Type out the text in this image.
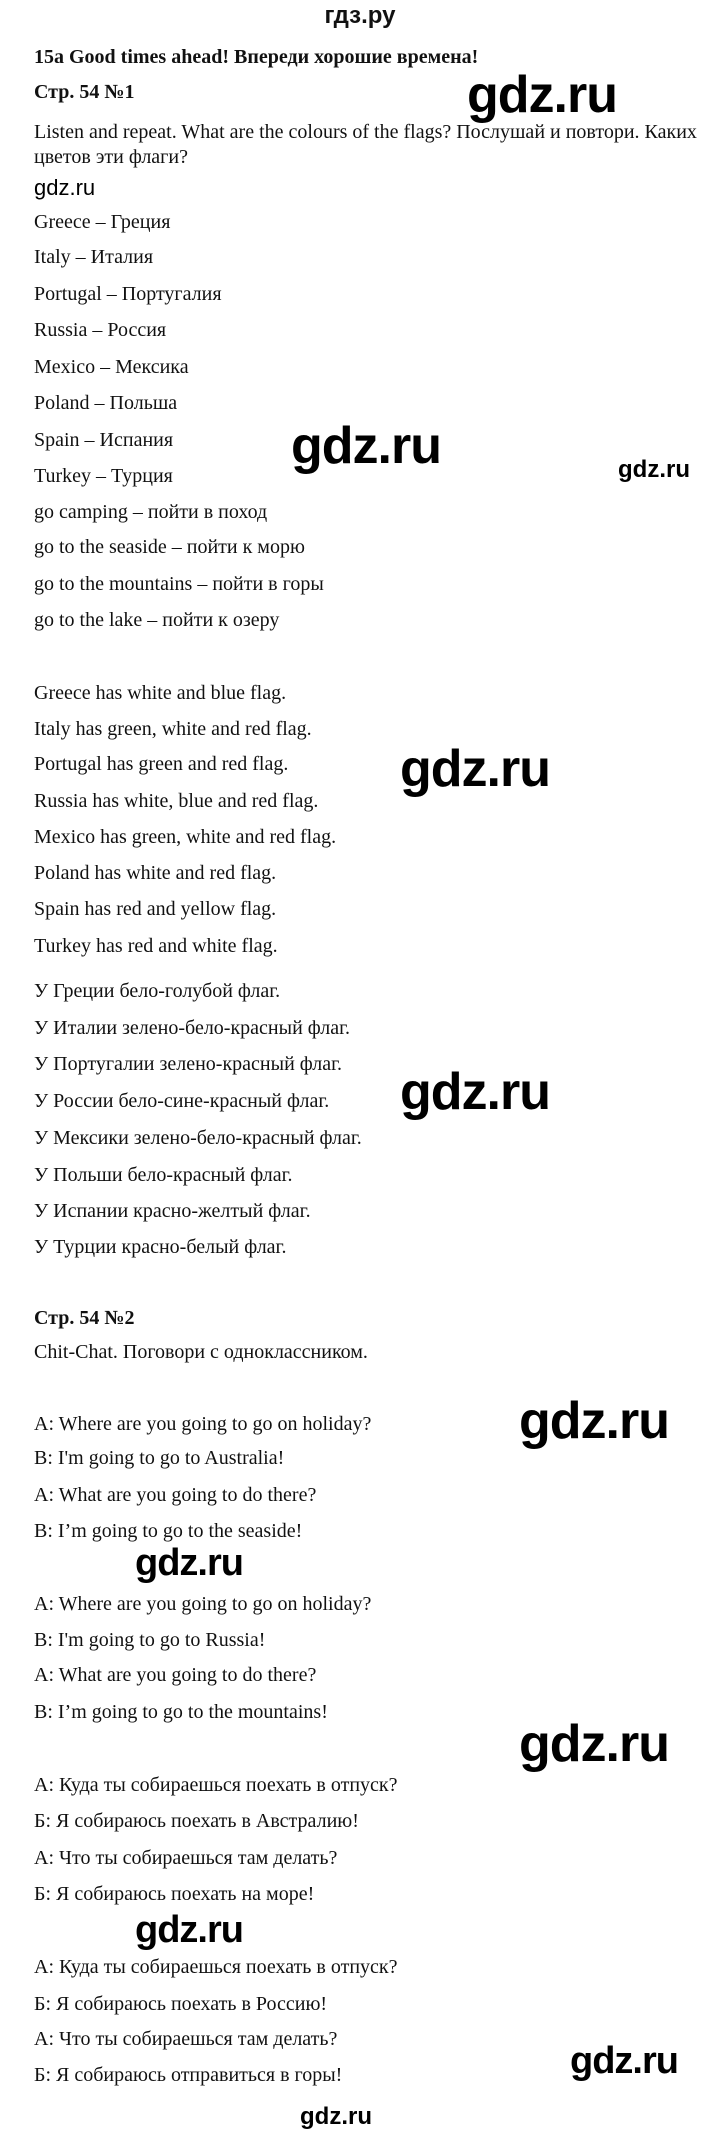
гдз.ру
15a Good times ahead! Впереди хорошие времена!
Стр. 54 №1
Listen and repeat. What are the colours of the flags? Послушай и повтори. Каких
цветов эти флаги?
Greece – Греция
Italy – Италия
Portugal – Португалия
Russia – Россия
Mexico – Мексика
Poland – Польша
Spain – Испания
Turkey – Турция
go camping – пойти в поход
go to the seaside – пойти к морю
go to the mountains – пойти в горы
go to the lake – пойти к озеру
Greece has white and blue flag.
Italy has green, white and red flag.
Portugal has green and red flag.
Russia has white, blue and red flag.
Mexico has green, white and red flag.
Poland has white and red flag.
Spain has red and yellow flag.
Turkey has red and white flag.
У Греции бело-голубой флаг.
У Италии зелено-бело-красный флаг.
У Португалии зелено-красный флаг.
У России бело-сине-красный флаг.
У Мексики зелено-бело-красный флаг.
У Польши бело-красный флаг.
У Испании красно-желтый флаг.
У Турции красно-белый флаг.
Стр. 54 №2
Chit-Chat. Поговори с одноклассником.
A: Where are you going to go on holiday?
B: I'm going to go to Australia!
A: What are you going to do there?
B: I’m going to go to the seaside!
A: Where are you going to go on holiday?
B: I'm going to go to Russia!
A: What are you going to do there?
B: I’m going to go to the mountains!
А: Куда ты собираешься поехать в отпуск?
Б: Я собираюсь поехать в Австралию!
А: Что ты собираешься там делать?
Б: Я собираюсь поехать на море!
А: Куда ты собираешься поехать в отпуск?
Б: Я собираюсь поехать в Россию!
А: Что ты собираешься там делать?
Б: Я собираюсь отправиться в горы!
gdz.ru
gdz.ru
gdz.ru	gdz.ru
gdz.ru
gdz.ru
gdz.ru
gdz.ru
gdz.ru
gdz.ru
gdz.ru
gdz.ru
